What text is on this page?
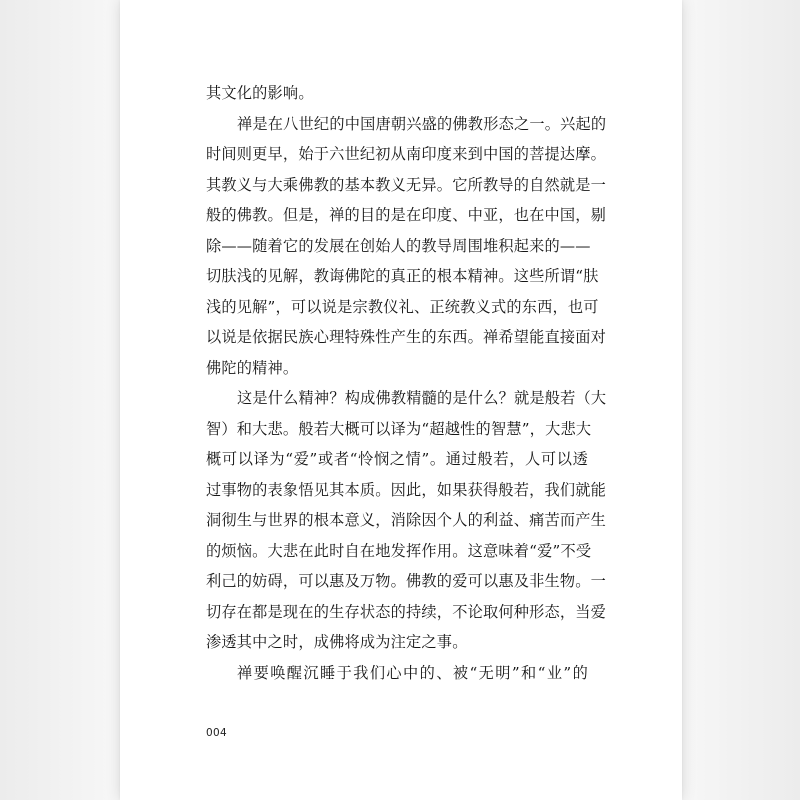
其文化的影响。
禅是在八世纪的中国唐朝兴盛的佛教形态之一。兴起的
时间则更早，始于六世纪初从南印度来到中国的菩提达摩。
其教义与大乘佛教的基本教义无异。它所教导的自然就是一
般的佛教。但是，禅的目的是在印度、中亚，也在中国，剔
除——随着它的发展在创始人的教导周围堆积起来的——
切肤浅的见解，教诲佛陀的真正的根本精神。这些所谓“肤
浅的见解”，可以说是宗教仪礼、正统教义式的东西，也可
以说是依据民族心理特殊性产生的东西。禅希望能直接面对
佛陀的精神。
这是什么精神？构成佛教精髓的是什么？就是般若（大
智）和大悲。般若大概可以译为“超越性的智慧”，大悲大
概可以译为“爱”或者“怜悯之情”。通过般若，人可以透
过事物的表象悟见其本质。因此，如果获得般若，我们就能
洞彻生与世界的根本意义，消除因个人的利益、痛苦而产生
的烦恼。大悲在此时自在地发挥作用。这意味着“爱”不受
利己的妨碍，可以惠及万物。佛教的爱可以惠及非生物。一
切存在都是现在的生存状态的持续，不论取何种形态，当爱
渗透其中之时，成佛将成为注定之事。
禅要唤醒沉睡于我们心中的、被“无明”和“业”的
004
